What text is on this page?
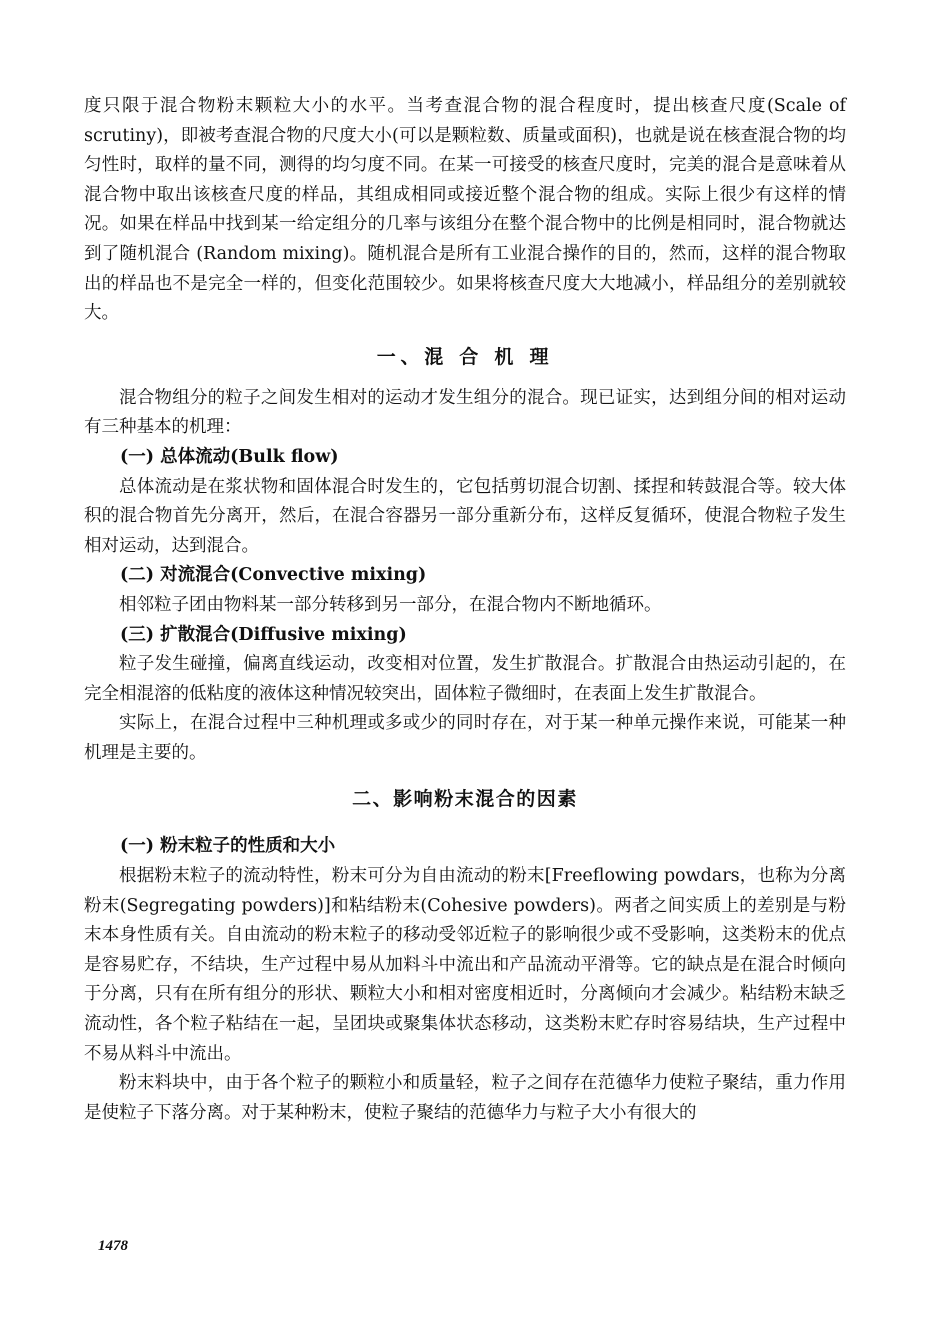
度只限于混合物粉末颗粒大小的水平。当考查混合物的混合程度时，提出核查尺度(Scale of scrutiny)，即被考查混合物的尺度大小(可以是颗粒数、质量或面积)，也就是说在核查混合物的均匀性时，取样的量不同，测得的均匀度不同。在某一可接受的核查尺度时，完美的混合是意味着从混合物中取出该核查尺度的样品，其组成相同或接近整个混合物的组成。实际上很少有这样的情况。如果在样品中找到某一给定组分的几率与该组分在整个混合物中的比例是相同时，混合物就达到了随机混合 (Random mixing)。随机混合是所有工业混合操作的目的，然而，这样的混合物取出的样品也不是完全一样的，但变化范围较少。如果将核查尺度大大地减小，样品组分的差别就较大。

一、混 合 机 理

混合物组分的粒子之间发生相对的运动才发生组分的混合。现已证实，达到组分间的相对运动有三种基本的机理：

(一) 总体流动(Bulk flow)

总体流动是在浆状物和固体混合时发生的，它包括剪切混合切割、揉捏和转鼓混合等。较大体积的混合物首先分离开，然后，在混合容器另一部分重新分布，这样反复循环，使混合物粒子发生相对运动，达到混合。

(二) 对流混合(Convective mixing)

相邻粒子团由物料某一部分转移到另一部分，在混合物内不断地循环。

(三) 扩散混合(Diffusive mixing)

粒子发生碰撞，偏离直线运动，改变相对位置，发生扩散混合。扩散混合由热运动引起的，在完全相混溶的低粘度的液体这种情况较突出，固体粒子微细时，在表面上发生扩散混合。

实际上，在混合过程中三种机理或多或少的同时存在，对于某一种单元操作来说，可能某一种机理是主要的。

二、影响粉末混合的因素

(一) 粉末粒子的性质和大小

根据粉末粒子的流动特性，粉末可分为自由流动的粉末[Freeflowing powdars，也称为分离粉末(Segregating powders)]和粘结粉末(Cohesive powders)。两者之间实质上的差别是与粉末本身性质有关。自由流动的粉末粒子的移动受邻近粒子的影响很少或不受影响，这类粉末的优点是容易贮存，不结块，生产过程中易从加料斗中流出和产品流动平滑等。它的缺点是在混合时倾向于分离，只有在所有组分的形状、颗粒大小和相对密度相近时，分离倾向才会减少。粘结粉末缺乏流动性，各个粒子粘结在一起，呈团块或聚集体状态移动，这类粉末贮存时容易结块，生产过程中不易从料斗中流出。

粉末料块中，由于各个粒子的颗粒小和质量轻，粒子之间存在范德华力使粒子聚结，重力作用是使粒子下落分离。对于某种粉末，使粒子聚结的范德华力与粒子大小有很大的

1478
